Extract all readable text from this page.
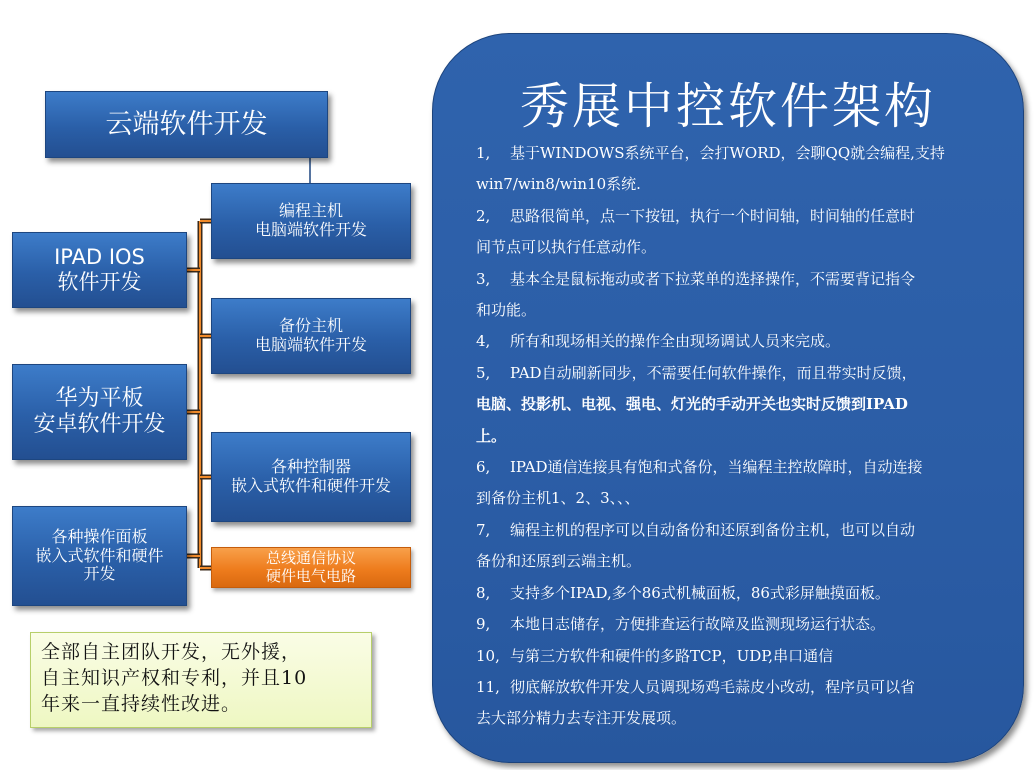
云端软件开发
IPAD IOS
软件开发
华为平板
安卓软件开发
各种操作面板
嵌入式软件和硬件
开发
编程主机
电脑端软件开发
备份主机
电脑端软件开发
各种控制器
嵌入式软件和硬件开发
总线通信协议
硬件电气电路
全部自主团队开发，无外援，
自主知识产权和专利，并且10
年来一直持续性改进。
秀展中控软件架构
1, 基于WINDOWS系统平台，会打WORD，会聊QQ就会编程,支持
win7/win8/win10系统.
2, 思路很简单，点一下按钮，执行一个时间轴，时间轴的任意时
间节点可以执行任意动作。
3, 基本全是鼠标拖动或者下拉菜单的选择操作，不需要背记指令
和功能。
4, 所有和现场相关的操作全由现场调试人员来完成。
5, PAD自动刷新同步，不需要任何软件操作，而且带实时反馈，
电脑、投影机、电视、强电、灯光的手动开关也实时反馈到IPAD
上。
6, IPAD通信连接具有饱和式备份，当编程主控故障时，自动连接
到备份主机1、2、3、、、
7, 编程主机的程序可以自动备份和还原到备份主机，也可以自动
备份和还原到云端主机。
8, 支持多个IPAD,多个86式机械面板，86式彩屏触摸面板。
9, 本地日志储存，方便排查运行故障及监测现场运行状态。
10, 与第三方软件和硬件的多路TCP，UDP,串口通信
11, 彻底解放软件开发人员调现场鸡毛蒜皮小改动，程序员可以省
去大部分精力去专注开发展项。
